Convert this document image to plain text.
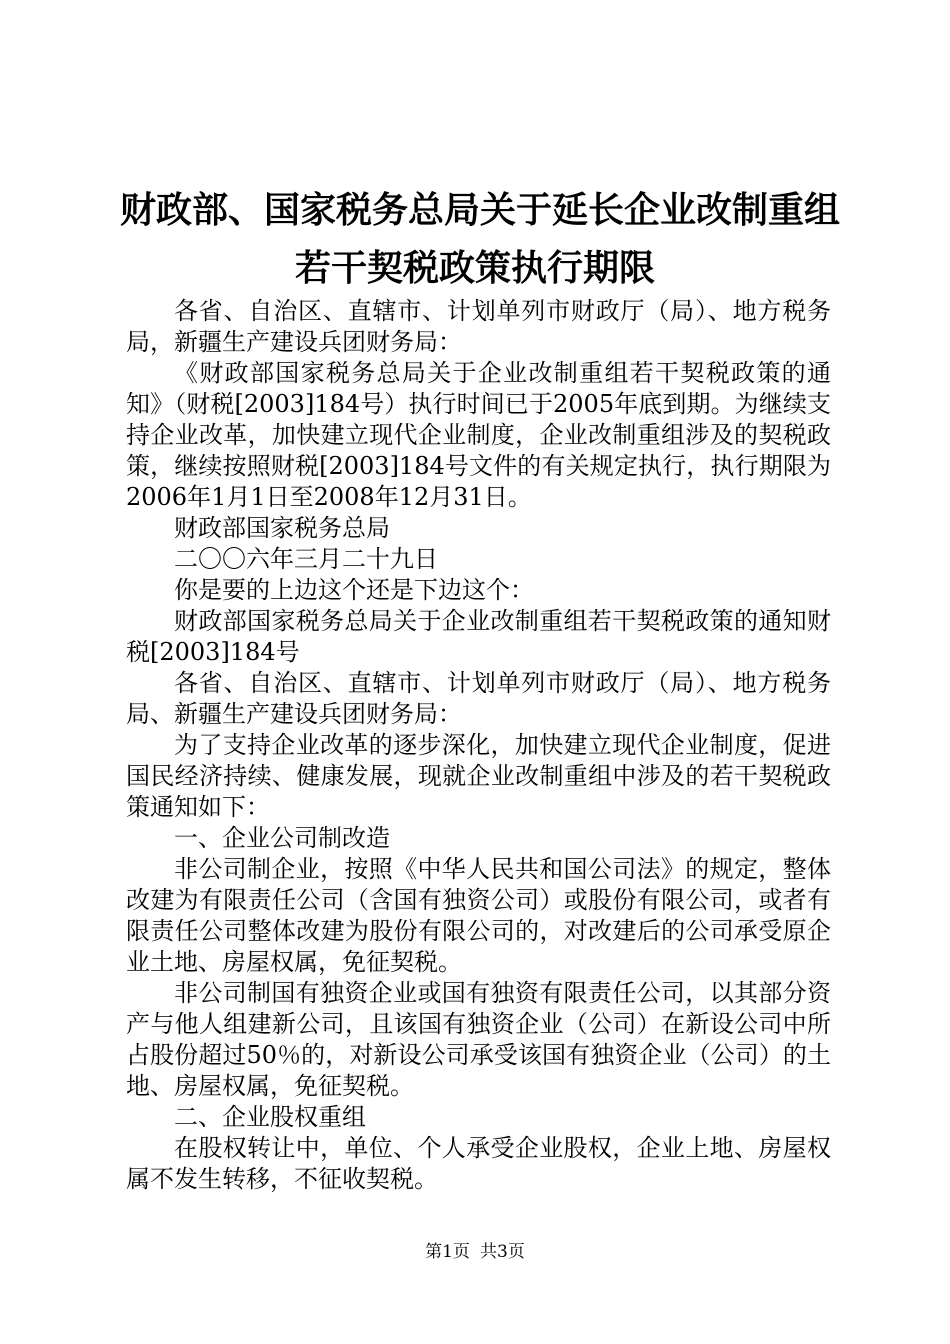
财政部、国家税务总局关于延长企业改制重组
若干契税政策执行期限

各省、自治区、直辖市、计划单列市财政厅（局）、地方税务局，新疆生产建设兵团财务局：

《财政部国家税务总局关于企业改制重组若干契税政策的通知》（财税[2003]184号）执行时间已于2005年底到期。为继续支持企业改革，加快建立现代企业制度，企业改制重组涉及的契税政策，继续按照财税[2003]184号文件的有关规定执行，执行期限为2006年1月1日至2008年12月31日。

财政部国家税务总局

二〇〇六年三月二十九日

你是要的上边这个还是下边这个：

财政部国家税务总局关于企业改制重组若干契税政策的通知财税[2003]184号

各省、自治区、直辖市、计划单列市财政厅（局）、地方税务局、新疆生产建设兵团财务局：

为了支持企业改革的逐步深化，加快建立现代企业制度，促进国民经济持续、健康发展，现就企业改制重组中涉及的若干契税政策通知如下：

一、企业公司制改造

非公司制企业，按照《中华人民共和国公司法》的规定，整体改建为有限责任公司（含国有独资公司）或股份有限公司，或者有限责任公司整体改建为股份有限公司的，对改建后的公司承受原企业土地、房屋权属，免征契税。

非公司制国有独资企业或国有独资有限责任公司，以其部分资产与他人组建新公司，且该国有独资企业（公司）在新设公司中所占股份超过50％的，对新设公司承受该国有独资企业（公司）的土地、房屋权属，免征契税。

二、企业股权重组

在股权转让中，单位、个人承受企业股权，企业上地、房屋权属不发生转移，不征收契税。

第1页 共3页
